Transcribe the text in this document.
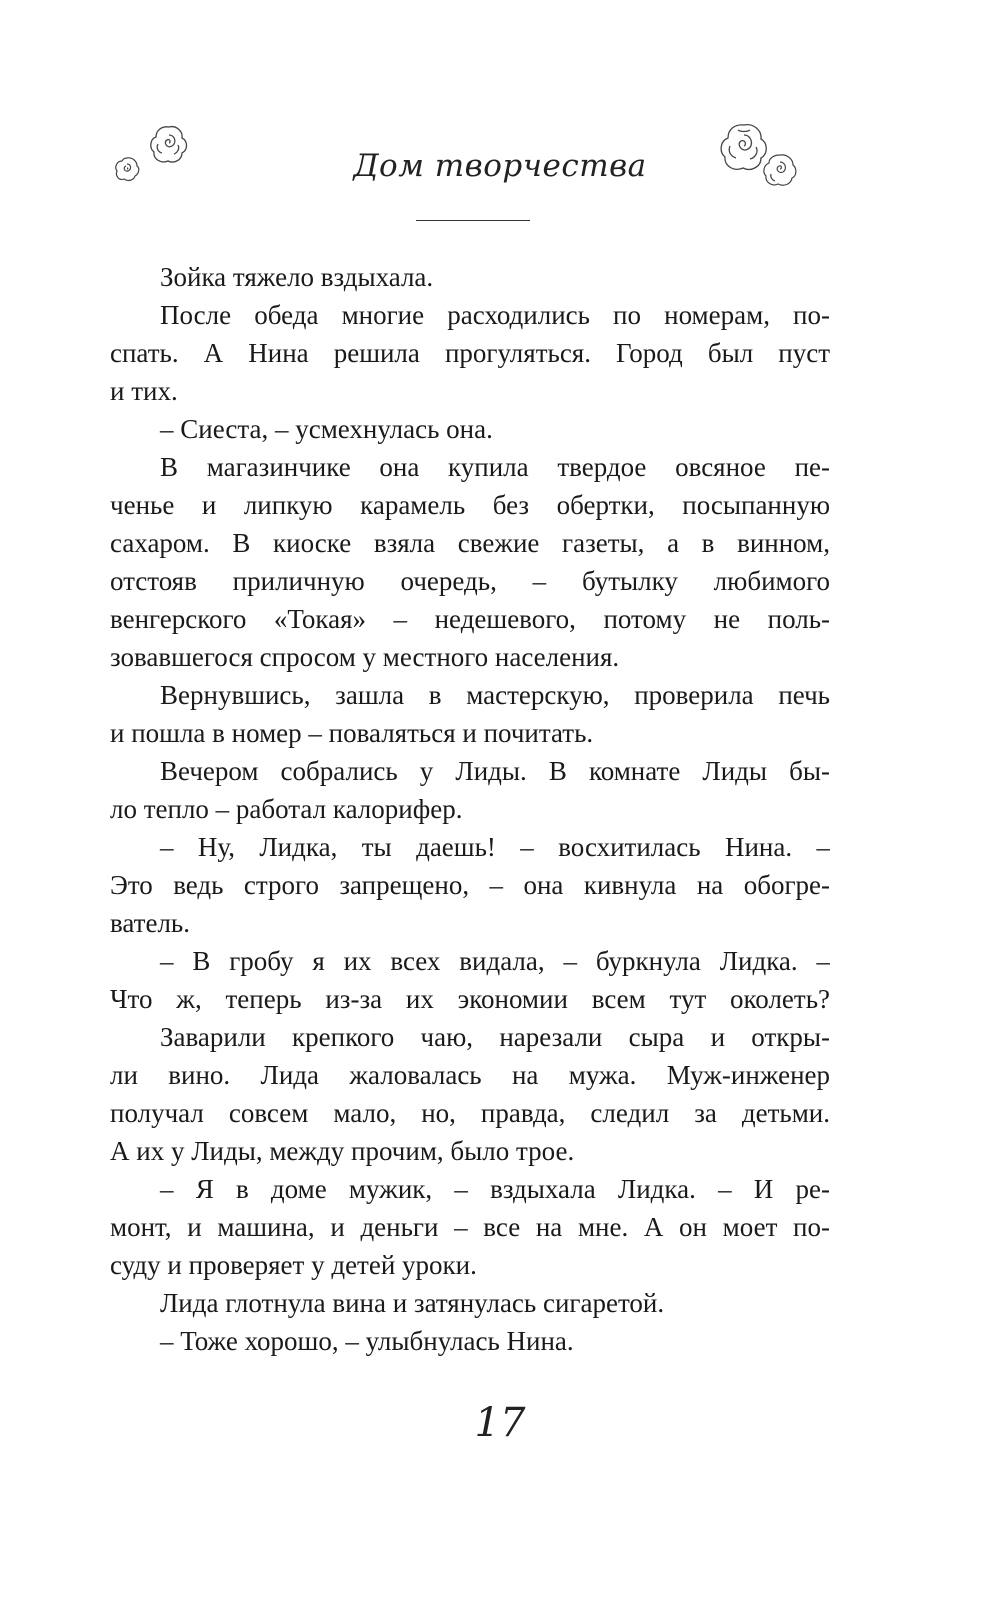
Дом творчества
Зойка тяжело вздыхала.
После обеда многие расходились по номерам, по-
спать. А Нина решила прогуляться. Город был пуст
и тих.
– Сиеста, – усмехнулась она.
В магазинчике она купила твердое овсяное пе-
ченье и липкую карамель без обертки, посыпанную
сахаром. В киоске взяла свежие газеты, а в винном,
отстояв приличную очередь, – бутылку любимого
венгерского «Токая» – недешевого, потому не поль-
зовавшегося спросом у местного населения.
Вернувшись, зашла в мастерскую, проверила печь
и пошла в номер – поваляться и почитать.
Вечером собрались у Лиды. В комнате Лиды бы-
ло тепло – работал калорифер.
– Ну, Лидка, ты даешь! – восхитилась Нина. –
Это ведь строго запрещено, – она кивнула на обогре-
ватель.
– В гробу я их всех видала, – буркнула Лидка. –
Что ж, теперь из-за их экономии всем тут околеть?
Заварили крепкого чаю, нарезали сыра и откры-
ли вино. Лида жаловалась на мужа. Муж-инженер
получал совсем мало, но, правда, следил за детьми.
А их у Лиды, между прочим, было трое.
– Я в доме мужик, – вздыхала Лидка. – И ре-
монт, и машина, и деньги – все на мне. А он моет по-
суду и проверяет у детей уроки.
Лида глотнула вина и затянулась сигаретой.
– Тоже хорошо, – улыбнулась Нина.
17
